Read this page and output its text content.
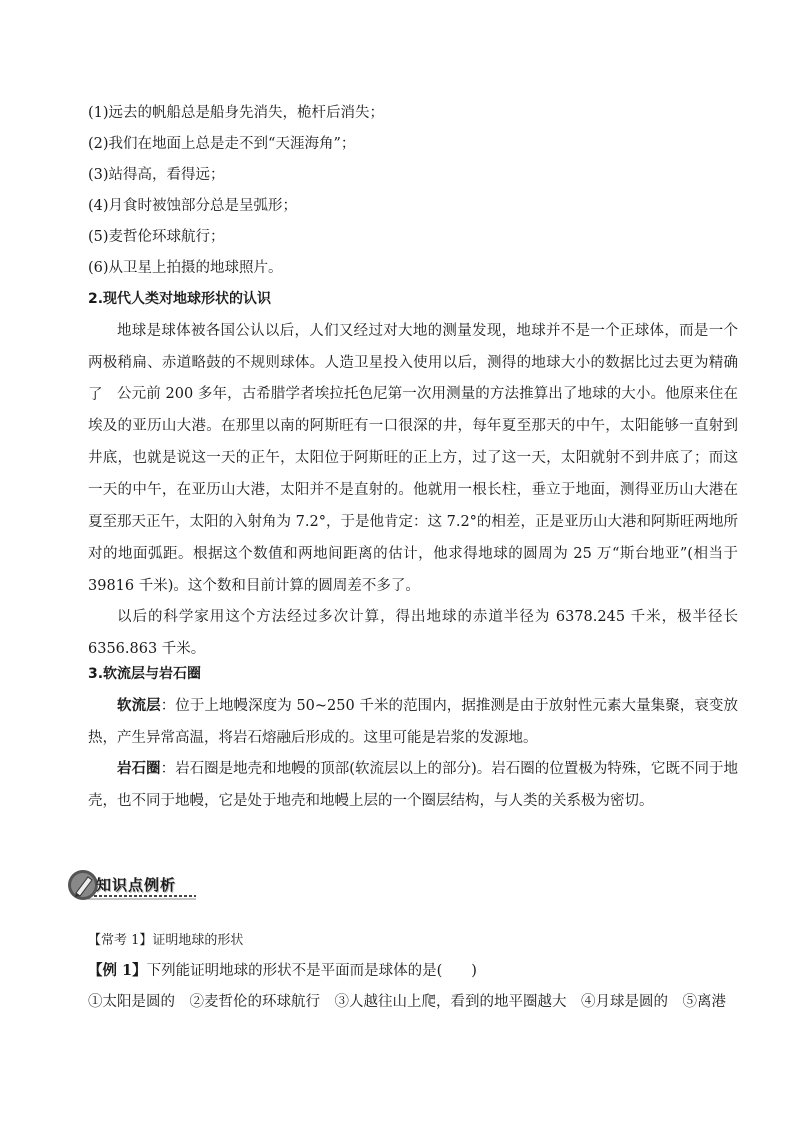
(1)远去的帆船总是船身先消失，桅杆后消失；
(2)我们在地面上总是走不到“天涯海角”；
(3)站得高，看得远；
(4)月食时被蚀部分总是呈弧形；
(5)麦哲伦环球航行；
(6)从卫星上拍摄的地球照片。
2.现代人类对地球形状的认识
地球是球体被各国公认以后，人们又经过对大地的测量发现，地球并不是一个正球体，而是一个两极稍扁、赤道略鼓的不规则球体。人造卫星投入使用以后，测得的地球大小的数据比过去更为精确了	公元前 200 多年，古希腊学者埃拉托色尼第一次用测量的方法推算出了地球的大小。他原来住在埃及的亚历山大港。在那里以南的阿斯旺有一口很深的井，每年夏至那天的中午，太阳能够一直射到井底，也就是说这一天的正午，太阳位于阿斯旺的正上方，过了这一天，太阳就射不到井底了；而这一天的中午，在亚历山大港，太阳并不是直射的。他就用一根长柱，垂立于地面，测得亚历山大港在夏至那天正午，太阳的入射角为 7.2°，于是他肯定：这 7.2°的相差，正是亚历山大港和阿斯旺两地所对的地面弧距。根据这个数值和两地间距离的估计，他求得地球的圆周为 25 万“斯台地亚”(相当于 39816 千米)。这个数和目前计算的圆周差不多了。
以后的科学家用这个方法经过多次计算，得出地球的赤道半径为 6378.245 千米，极半径长 6356.863 千米。
3.软流层与岩石圈
软流层：位于上地幔深度为 50~250 千米的范围内，据推测是由于放射性元素大量集聚，衰变放热，产生异常高温，将岩石熔融后形成的。这里可能是岩浆的发源地。
岩石圈：岩石圈是地壳和地幔的顶部(软流层以上的部分)。岩石圈的位置极为特殊，它既不同于地壳，也不同于地幔，它是处于地壳和地幔上层的一个圈层结构，与人类的关系极为密切。
知识点例析
【常考 1】证明地球的形状
【例 1】下列能证明地球的形状不是平面而是球体的是(　　)
①太阳是圆的　②麦哲伦的环球航行　③人越往山上爬，看到的地平圈越大　④月球是圆的　⑤离港
